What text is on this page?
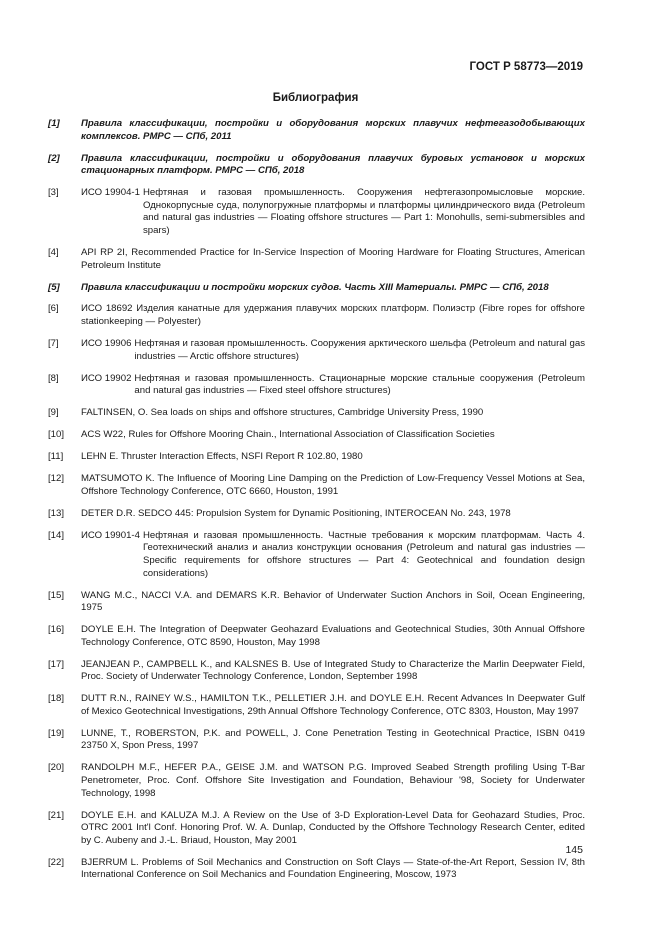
ГОСТ Р 58773—2019
Библиография
[1]	Правила классификации, постройки и оборудования морских плавучих нефтегазодобывающих комплексов. РМРС — СПб, 2011
[2]	Правила классификации, постройки и оборудования плавучих буровых установок и морских стационарных платформ. РМРС — СПб, 2018
[3]	ИСО 19904-1 Нефтяная и газовая промышленность. Сооружения нефтегазопромысловые морские. Однокорпусные суда, полупогружные платформы и платформы цилиндрического вида (Petroleum and natural gas industries — Floating offshore structures — Part 1: Monohulls, semi-submersibles and spars)
[4]	API RP 2I, Recommended Practice for In-Service Inspection of Mooring Hardware for Floating Structures, American Petroleum Institute
[5]	Правила классификации и постройки морских судов. Часть XIII Материалы. РМРС — СПб, 2018
[6]	ИСО 18692 Изделия канатные для удержания плавучих морских платформ. Полиэстр (Fibre ropes for offshore stationkeeping — Polyester)
[7]	ИСО 19906 Нефтяная и газовая промышленность. Сооружения арктического шельфа (Petroleum and natural gas industries — Arctic offshore structures)
[8]	ИСО 19902 Нефтяная и газовая промышленность. Стационарные морские стальные сооружения (Petroleum and natural gas industries — Fixed steel offshore structures)
[9]	FALTINSEN, O. Sea loads on ships and offshore structures, Cambridge University Press, 1990
[10]	ACS W22, Rules for Offshore Mooring Chain., International Association of Classification Societies
[11]	LEHN E. Thruster Interaction Effects, NSFI Report R 102.80, 1980
[12]	MATSUMOTO K. The Influence of Mooring Line Damping on the Prediction of Low-Frequency Vessel Motions at Sea, Offshore Technology Conference, OTC 6660, Houston, 1991
[13]	DETER D.R. SEDCO 445: Propulsion System for Dynamic Positioning, INTEROCEAN No. 243, 1978
[14]	ИСО 19901-4 Нефтяная и газовая промышленность. Частные требования к морским платформам. Часть 4. Геотехнический анализ и анализ конструкции основания (Petroleum and natural gas industries — Specific requirements for offshore structures — Part 4: Geotechnical and foundation design considerations)
[15]	WANG M.C., NACCI V.A. and DEMARS K.R. Behavior of Underwater Suction Anchors in Soil, Ocean Engineering, 1975
[16]	DOYLE E.H. The Integration of Deepwater Geohazard Evaluations and Geotechnical Studies, 30th Annual Offshore Technology Conference, OTC 8590, Houston, May 1998
[17]	JEANJEAN P., CAMPBELL K., and KALSNES B. Use of Integrated Study to Characterize the Marlin Deepwater Field, Proc. Society of Underwater Technology Conference, London, September 1998
[18]	DUTT R.N., RAINEY W.S., HAMILTON T.K., PELLETIER J.H. and DOYLE E.H. Recent Advances In Deepwater Gulf of Mexico Geotechnical Investigations, 29th Annual Offshore Technology Conference, OTC 8303, Houston, May 1997
[19]	LUNNE, T., ROBERSTON, P.K. and POWELL, J. Cone Penetration Testing in Geotechnical Practice, ISBN 0419 23750 X, Spon Press, 1997
[20]	RANDOLPH M.F., HEFER P.A., GEISE J.M. and WATSON P.G. Improved Seabed Strength profiling Using T-Bar Penetrometer, Proc. Conf. Offshore Site Investigation and Foundation, Behaviour '98, Society for Underwater Technology, 1998
[21]	DOYLE E.H. and KALUZA M.J. A Review on the Use of 3-D Exploration-Level Data for Geohazard Studies, Proc. OTRC 2001 Int'l Conf. Honoring Prof. W. A. Dunlap, Conducted by the Offshore Technology Research Center, edited by C. Aubeny and J.-L. Briaud, Houston, May 2001
[22]	BJERRUM L. Problems of Soil Mechanics and Construction on Soft Clays — State-of-the-Art Report, Session IV, 8th International Conference on Soil Mechanics and Foundation Engineering, Moscow, 1973
145
